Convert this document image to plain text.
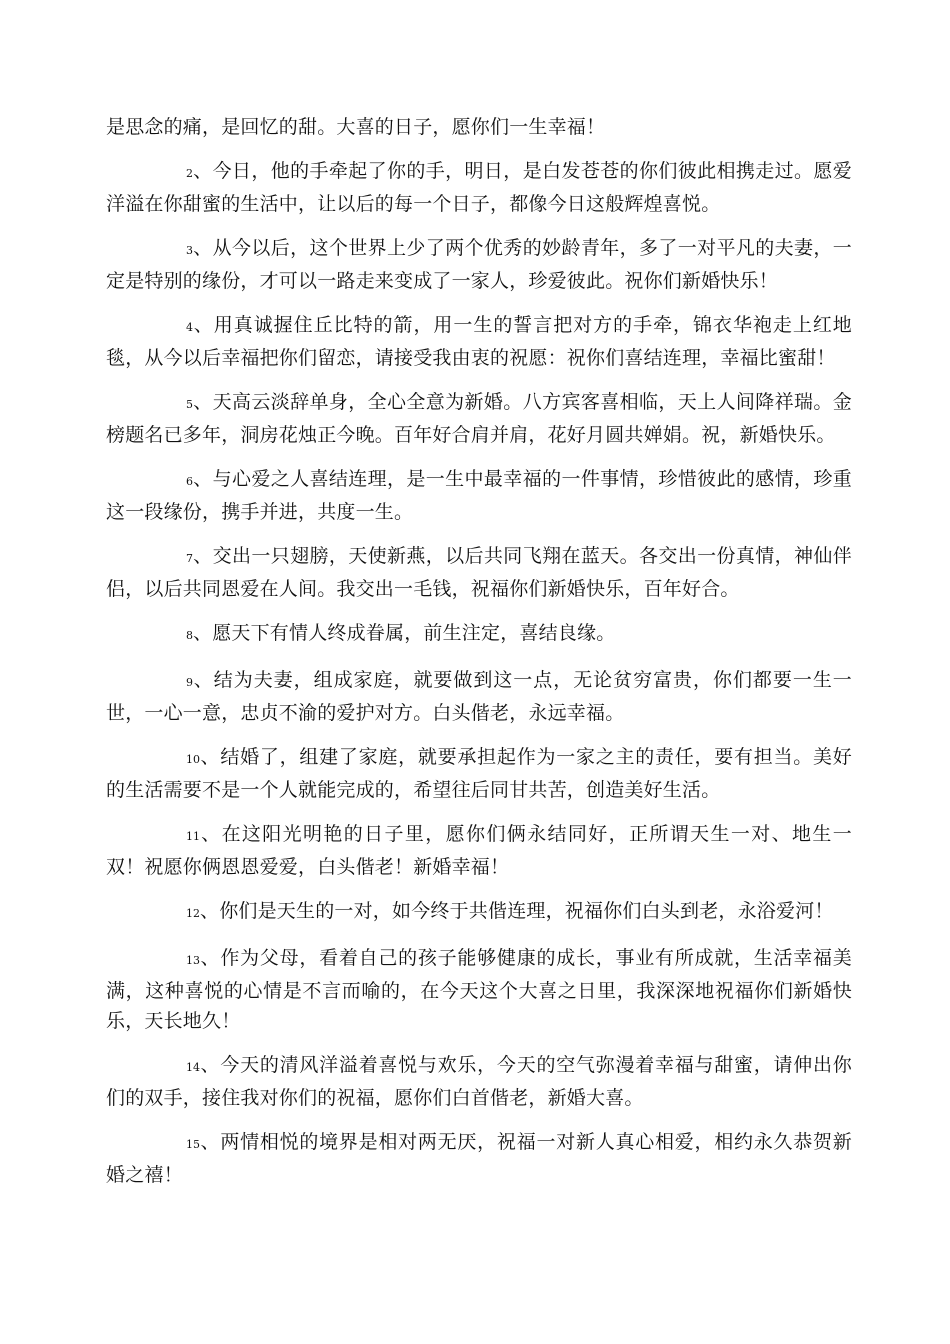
是思念的痛，是回忆的甜。大喜的日子，愿你们一生幸福！

2、今日，他的手牵起了你的手，明日，是白发苍苍的你们彼此相携走过。愿爱洋溢在你甜蜜的生活中，让以后的每一个日子，都像今日这般辉煌喜悦。

3、从今以后，这个世界上少了两个优秀的妙龄青年，多了一对平凡的夫妻，一定是特别的缘份，才可以一路走来变成了一家人，珍爱彼此。祝你们新婚快乐！

4、用真诚握住丘比特的箭，用一生的誓言把对方的手牵，锦衣华袍走上红地毯，从今以后幸福把你们留恋，请接受我由衷的祝愿：祝你们喜结连理，幸福比蜜甜！

5、天高云淡辞单身，全心全意为新婚。八方宾客喜相临，天上人间降祥瑞。金榜题名已多年，洞房花烛正今晚。百年好合肩并肩，花好月圆共婵娟。祝，新婚快乐。

6、与心爱之人喜结连理，是一生中最幸福的一件事情，珍惜彼此的感情，珍重这一段缘份，携手并进，共度一生。

7、交出一只翅膀，天使新燕，以后共同飞翔在蓝天。各交出一份真情，神仙伴侣，以后共同恩爱在人间。我交出一毛钱，祝福你们新婚快乐，百年好合。

8、愿天下有情人终成眷属，前生注定，喜结良缘。

9、结为夫妻，组成家庭，就要做到这一点，无论贫穷富贵，你们都要一生一世，一心一意，忠贞不渝的爱护对方。白头偕老，永远幸福。

10、结婚了，组建了家庭，就要承担起作为一家之主的责任，要有担当。美好的生活需要不是一个人就能完成的，希望往后同甘共苦，创造美好生活。

11、在这阳光明艳的日子里，愿你们俩永结同好，正所谓天生一对、地生一双！祝愿你俩恩恩爱爱，白头偕老！新婚幸福！

12、你们是天生的一对，如今终于共偕连理，祝福你们白头到老，永浴爱河！

13、作为父母，看着自己的孩子能够健康的成长，事业有所成就，生活幸福美满，这种喜悦的心情是不言而喻的，在今天这个大喜之日里，我深深地祝福你们新婚快乐，天长地久！

14、今天的清风洋溢着喜悦与欢乐，今天的空气弥漫着幸福与甜蜜，请伸出你们的双手，接住我对你们的祝福，愿你们白首偕老，新婚大喜。

15、两情相悦的境界是相对两无厌，祝福一对新人真心相爱，相约永久恭贺新婚之禧！
